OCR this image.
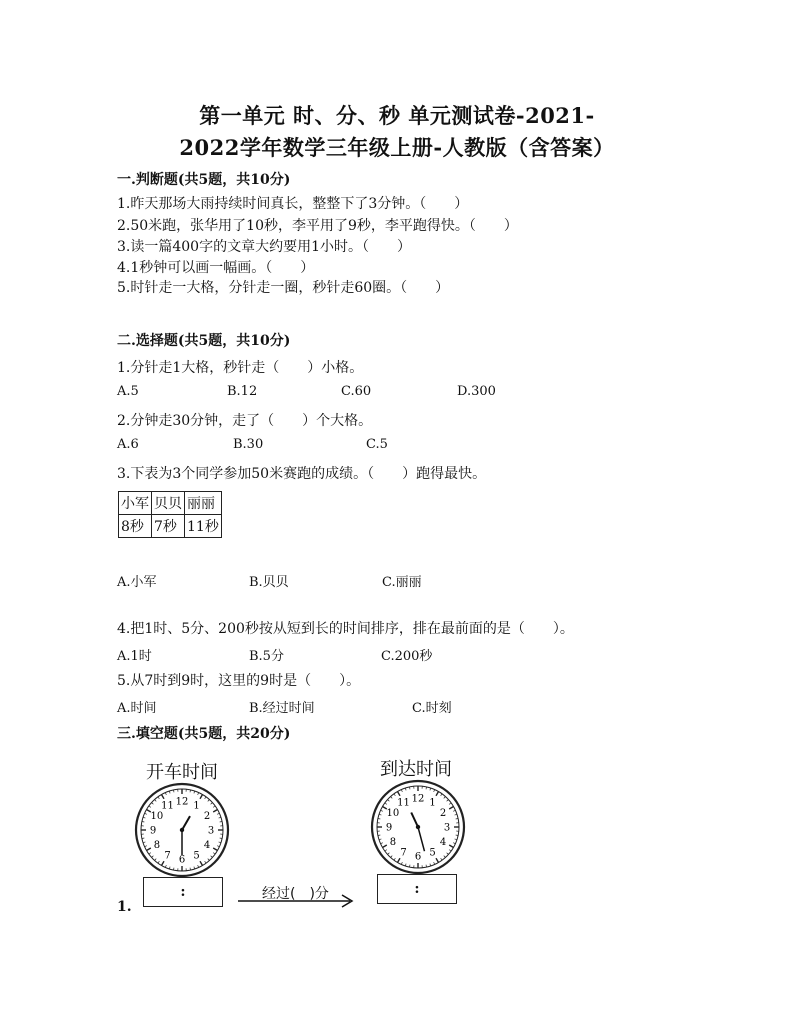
第一单元 时、分、秒 单元测试卷-2021-
2022学年数学三年级上册-人教版（含答案）
一.判断题(共5题，共10分)
1.昨天那场大雨持续时间真长，整整下了3分钟。（　　）
2.50米跑，张华用了10秒，李平用了9秒，李平跑得快。（　　）
3.读一篇400字的文章大约要用1小时。（　　）
4.1秒钟可以画一幅画。（　　）
5.时针走一大格，分针走一圈，秒针走60圈。（　　）
二.选择题(共5题，共10分)
1.分针走1大格，秒针走（　　）小格。
A.5	B.12	C.60	D.300
2.分钟走30分钟，走了（　　）个大格。
A.6	B.30	C.5
3.下表为3个同学参加50米赛跑的成绩。（　　）跑得最快。
小军	贝贝	丽丽
8秒	7秒	11秒
A.小军	B.贝贝	C.丽丽
4.把1时、5分、200秒按从短到长的时间排序，排在最前面的是（　　）。
A.1时	B.5分	C.200秒
5.从7时到9时，这里的9时是（　　）。
A.时间	B.经过时间	C.时刻
三.填空题(共5题，共20分)
开车时间	到达时间
12 1
2
3
4
5
6
7
8
9
10
11
12 1
2
3
4
5
6
7
8
9
10
11
:	:
经过(　)分
1.
